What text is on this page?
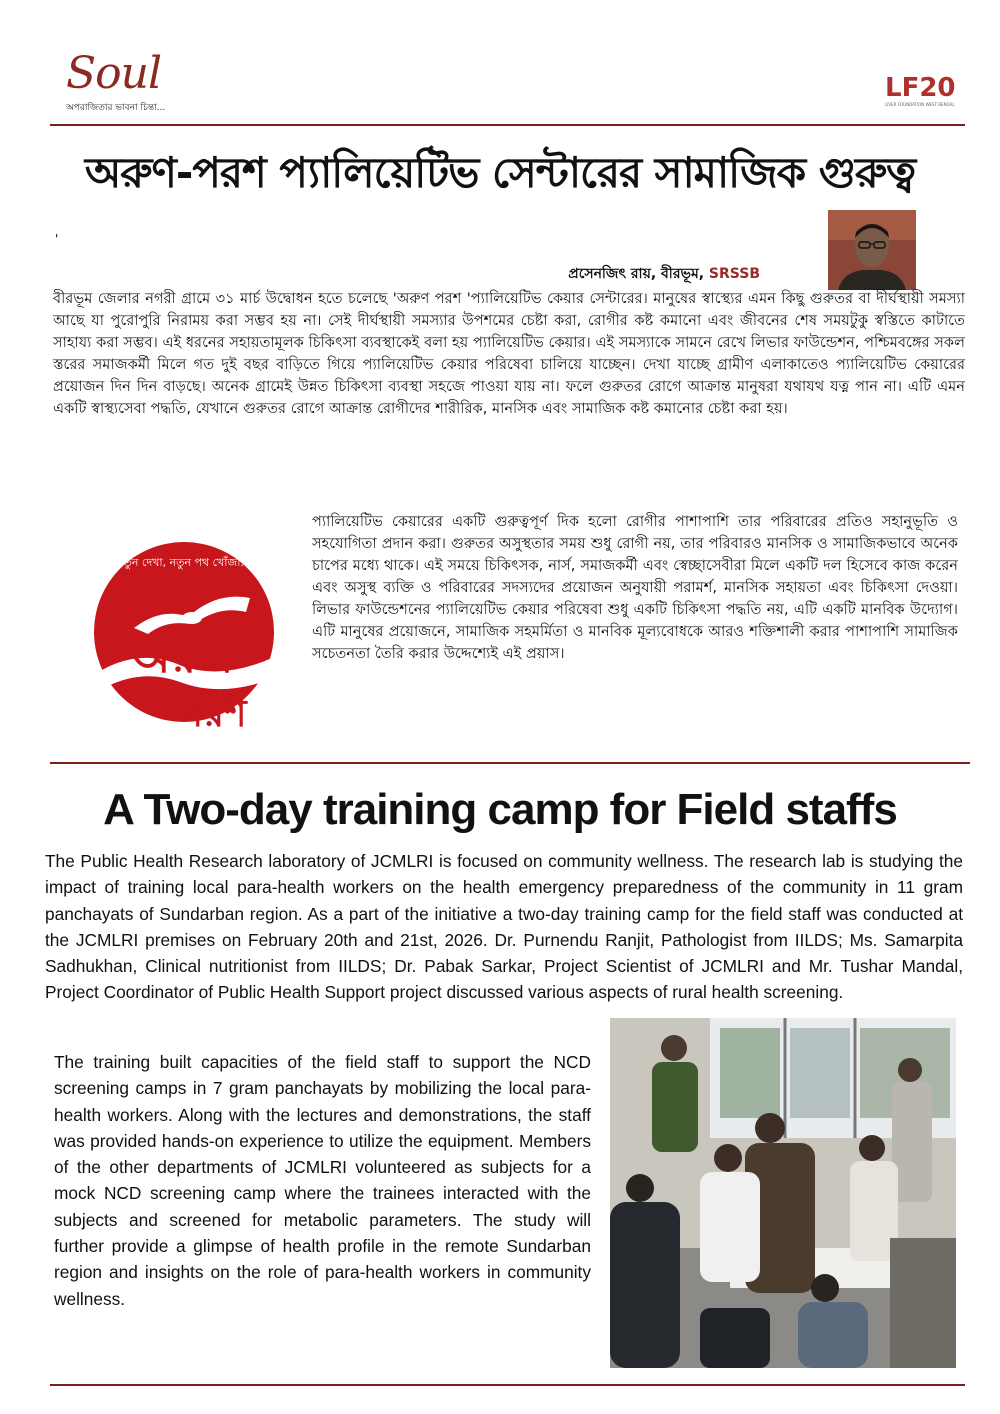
Soul
অপরাজিতার ভাবনা চিন্তা...
LF20
LIVER FOUNDATION WEST BENGAL
অরুণ-পরশ প্যালিয়েটিভ সেন্টারের সামাজিক গুরুত্ব
'
প্রসেনজিৎ রায়, বীরভূম, SRSSB
বীরভূম জেলার নগরী গ্রামে ৩১ মার্চ উদ্বোধন হতে চলেছে 'অরুণ পরশ 'প্যালিয়েটিভ কেয়ার সেন্টারের। মানুষের স্বাস্থ্যের এমন কিছু গুরুতর বা দীর্ঘস্থায়ী সমস্যা আছে যা পুরোপুরি নিরাময় করা সম্ভব হয় না। সেই দীর্ঘস্থায়ী সমস্যার উপশমের চেষ্টা করা, রোগীর কষ্ট কমানো এবং জীবনের শেষ সময়টুকু স্বস্তিতে কাটাতে সাহায্য করা সম্ভব। এই ধরনের সহায়তামূলক চিকিৎসা ব্যবস্থাকেই বলা হয় প্যালিয়েটিভ কেয়ার। এই সমস্যাকে সামনে রেখে লিভার ফাউন্ডেশন, পশ্চিমবঙ্গের সকল স্তরের সমাজকর্মী মিলে গত দুই বছর বাড়িতে গিয়ে প্যালিয়েটিভ কেয়ার পরিষেবা চালিয়ে যাচ্ছেন। দেখা যাচ্ছে গ্রামীণ এলাকাতেও প্যালিয়েটিভ কেয়ারের প্রয়োজন দিন দিন বাড়ছে। অনেক গ্রামেই উন্নত চিকিৎসা ব্যবস্থা সহজে পাওয়া যায় না। ফলে গুরুতর রোগে আক্রান্ত মানুষরা যথাযথ যত্ন পান না। এটি এমন একটি স্বাস্থ্যসেবা পদ্ধতি, যেখানে গুরুতর রোগে আক্রান্ত রোগীদের শারীরিক, মানসিক এবং সামাজিক কষ্ট কমানোর চেষ্টা করা হয়।
নতুন দেখা, নতুন পথ খোঁজা...
অরুণ
পরশ
প্যালিয়েটিভ কেয়ারের একটি গুরুত্বপূর্ণ দিক হলো রোগীর পাশাপাশি তার পরিবারের প্রতিও সহানুভূতি ও সহযোগিতা প্রদান করা। গুরুতর অসুস্থতার সময় শুধু রোগী নয়, তার পরিবারও মানসিক ও সামাজিকভাবে অনেক চাপের মধ্যে থাকে। এই সময়ে চিকিৎসক, নার্স, সমাজকর্মী এবং স্বেচ্ছাসেবীরা মিলে একটি দল হিসেবে কাজ করেন এবং অসুস্থ ব্যক্তি ও পরিবারের সদস্যদের প্রয়োজন অনুযায়ী পরামর্শ, মানসিক সহায়তা এবং চিকিৎসা দেওয়া। লিভার ফাউন্ডেশনের প্যালিয়েটিভ কেয়ার পরিষেবা শুধু একটি চিকিৎসা পদ্ধতি নয়, এটি একটি মানবিক উদ্যোগ। এটি মানুষের প্রয়োজনে, সামাজিক সহমর্মিতা ও মানবিক মূল্যবোধকে আরও শক্তিশালী করার পাশাপাশি সামাজিক সচেতনতা তৈরি করার উদ্দেশ্যেই এই প্রয়াস।
A Two-day training camp for Field staffs
The Public Health Research laboratory of JCMLRI is focused on community wellness. The research lab is studying the impact of training local para-health workers on the health emergency preparedness of the community in 11 gram panchayats of Sundarban region. As a part of the initiative a two-day training camp for the field staff was conducted at the JCMLRI premises on February 20th and 21st, 2026. Dr. Purnendu Ranjit, Pathologist from IILDS; Ms. Samarpita Sadhukhan, Clinical nutritionist from IILDS; Dr. Pabak Sarkar, Project Scientist of JCMLRI and Mr. Tushar Mandal, Project Coordinator of Public Health Support project discussed various aspects of rural health screening.
The training built capacities of the field staff to support the NCD screening camps in 7 gram panchayats by mobilizing the local para-health workers. Along with the lectures and demonstrations, the staff was provided hands-on experience to utilize the equipment. Members of the other departments of JCMLRI volunteered as subjects for a mock NCD screening camp where the trainees interacted with the subjects and screened for metabolic parameters. The study will further provide a glimpse of health profile in the remote Sundarban region and insights on the role of para-health workers in community wellness.
